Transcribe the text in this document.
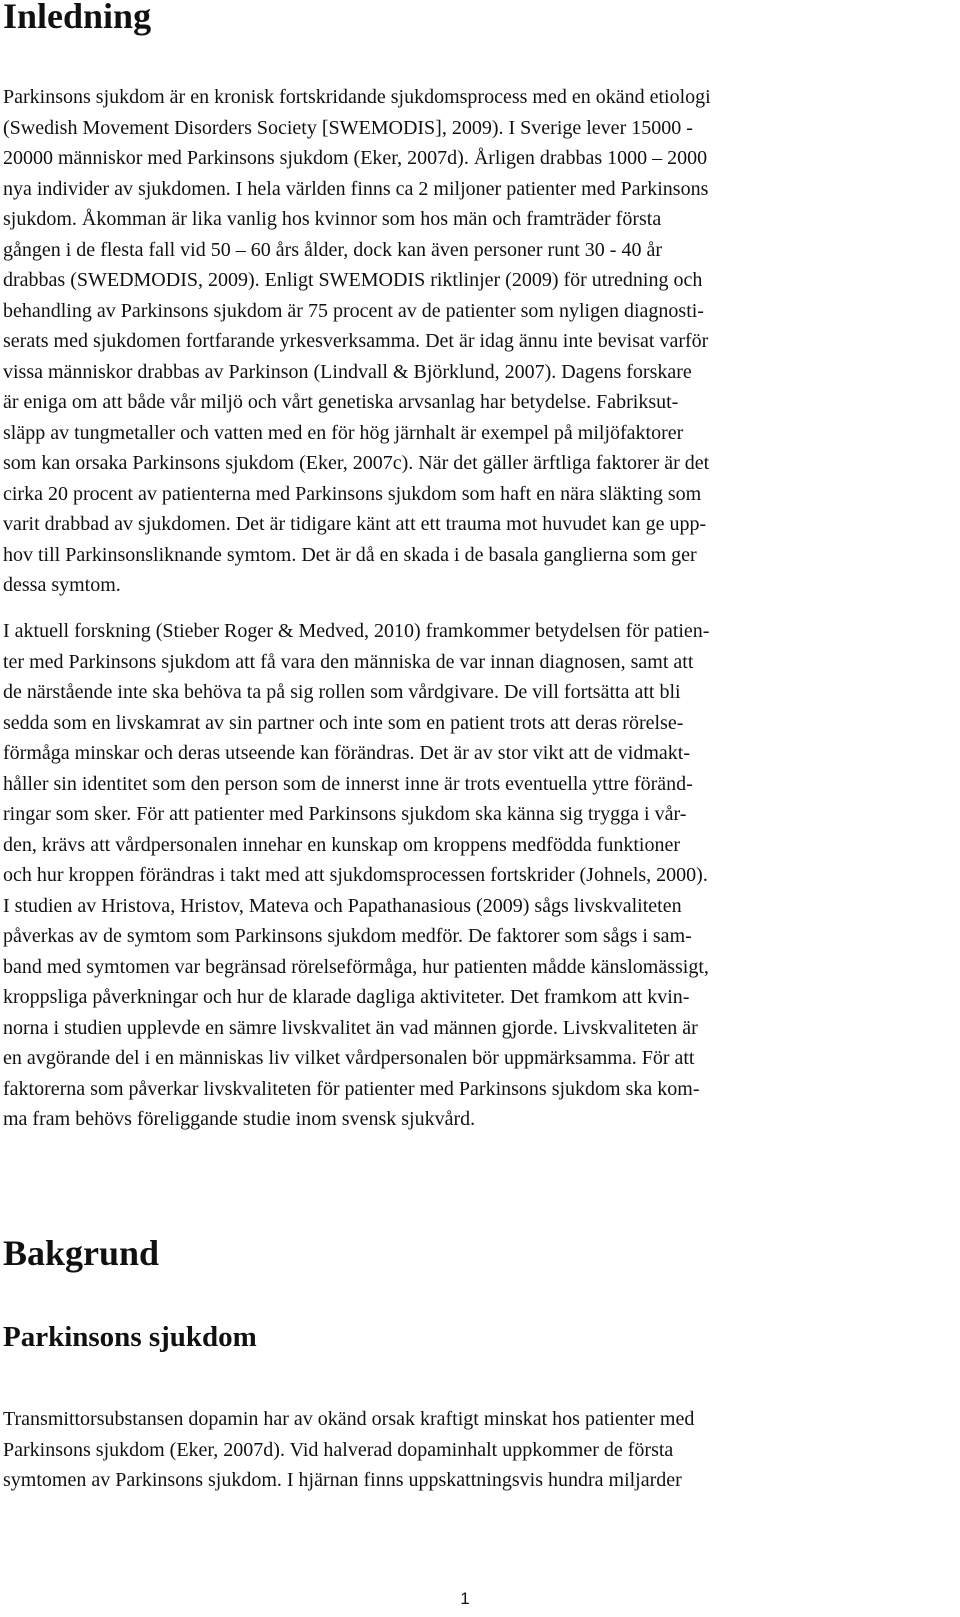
Inledning
Parkinsons sjukdom är en kronisk fortskridande sjukdomsprocess med en okänd etiologi
(Swedish Movement Disorders Society [SWEMODIS], 2009). I Sverige lever 15000 -
20000 människor med Parkinsons sjukdom (Eker, 2007d). Årligen drabbas 1000 – 2000
nya individer av sjukdomen. I hela världen finns ca 2 miljoner patienter med Parkinsons
sjukdom. Åkomman är lika vanlig hos kvinnor som hos män och framträder första
gången i de flesta fall vid 50 – 60 års ålder, dock kan även personer runt 30 - 40 år
drabbas (SWEDMODIS, 2009). Enligt SWEMODIS riktlinjer (2009) för utredning och
behandling av Parkinsons sjukdom är 75 procent av de patienter som nyligen diagnosti-
serats med sjukdomen fortfarande yrkesverksamma. Det är idag ännu inte bevisat varför
vissa människor drabbas av Parkinson (Lindvall & Björklund, 2007). Dagens forskare
är eniga om att både vår miljö och vårt genetiska arvsanlag har betydelse. Fabriksut-
släpp av tungmetaller och vatten med en för hög järnhalt är exempel på miljöfaktorer
som kan orsaka Parkinsons sjukdom (Eker, 2007c). När det gäller ärftliga faktorer är det
cirka 20 procent av patienterna med Parkinsons sjukdom som haft en nära släkting som
varit drabbad av sjukdomen. Det är tidigare känt att ett trauma mot huvudet kan ge upp-
hov till Parkinsonsliknande symtom. Det är då en skada i de basala ganglierna som ger
dessa symtom.
I aktuell forskning (Stieber Roger & Medved, 2010) framkommer betydelsen för patien-
ter med Parkinsons sjukdom att få vara den människa de var innan diagnosen, samt att
de närstående inte ska behöva ta på sig rollen som vårdgivare. De vill fortsätta att bli
sedda som en livskamrat av sin partner och inte som en patient trots att deras rörelse-
förmåga minskar och deras utseende kan förändras. Det är av stor vikt att de vidmakt-
håller sin identitet som den person som de innerst inne är trots eventuella yttre föränd-
ringar som sker. För att patienter med Parkinsons sjukdom ska känna sig trygga i vår-
den, krävs att vårdpersonalen innehar en kunskap om kroppens medfödda funktioner
och hur kroppen förändras i takt med att sjukdomsprocessen fortskrider (Johnels, 2000).
I studien av Hristova, Hristov, Mateva och Papathanasious (2009) sågs livskvaliteten
påverkas av de symtom som Parkinsons sjukdom medför. De faktorer som sågs i sam-
band med symtomen var begränsad rörelseförmåga, hur patienten mådde känslomässigt,
kroppsliga påverkningar och hur de klarade dagliga aktiviteter. Det framkom att kvin-
norna i studien upplevde en sämre livskvalitet än vad männen gjorde. Livskvaliteten är
en avgörande del i en människas liv vilket vårdpersonalen bör uppmärksamma. För att
faktorerna som påverkar livskvaliteten för patienter med Parkinsons sjukdom ska kom-
ma fram behövs föreliggande studie inom svensk sjukvård.
Bakgrund
Parkinsons sjukdom
Transmittorsubstansen dopamin har av okänd orsak kraftigt minskat hos patienter med
Parkinsons sjukdom (Eker, 2007d). Vid halverad dopaminhalt uppkommer de första
symtomen av Parkinsons sjukdom. I hjärnan finns uppskattningsvis hundra miljarder
1
